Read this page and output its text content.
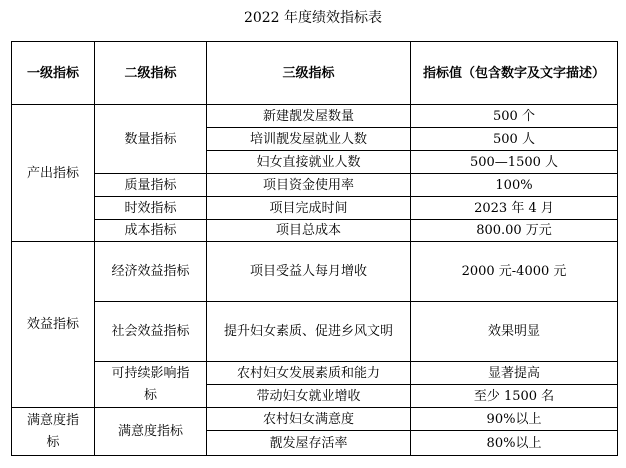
2022 年度绩效指标表
一级指标	二级指标	三级指标	指标值（包含数字及文字描述）
产出指标	数量指标	新建靓发屋数量	500 个
		培训靓发屋就业人数	500 人
		妇女直接就业人数	500—1500 人
	质量指标	项目资金使用率	100%
	时效指标	项目完成时间	2023 年 4 月
	成本指标	项目总成本	800.00 万元
效益指标	经济效益指标	项目受益人每月增收	2000 元-4000 元
	社会效益指标	提升妇女素质、促进乡风文明	效果明显
	可持续影响指标	农村妇女发展素质和能力	显著提高
		带动妇女就业增收	至少 1500 名
满意度指标	满意度指标	农村妇女满意度	90%以上
		靓发屋存活率	80%以上
